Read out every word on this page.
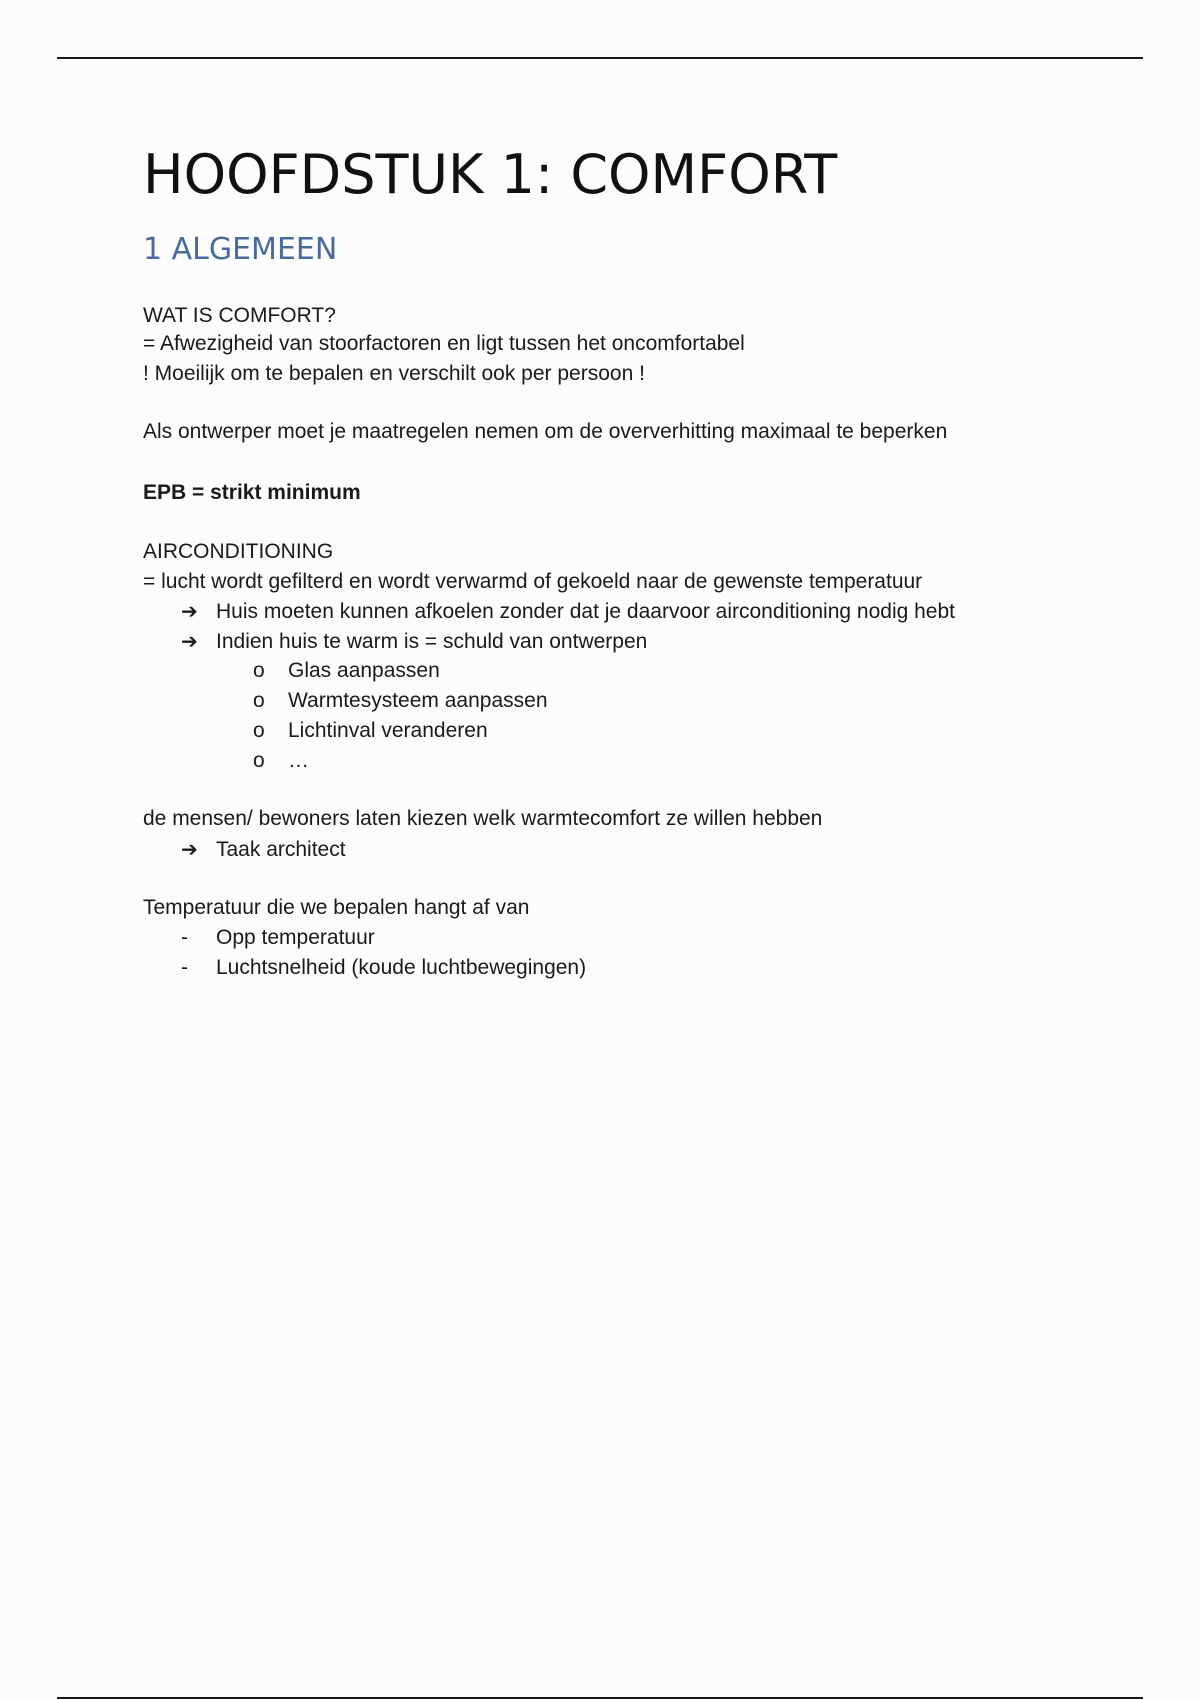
HOOFDSTUK 1: COMFORT
1 ALGEMEEN
WAT IS COMFORT?
= Afwezigheid van stoorfactoren en ligt tussen het oncomfortabel
! Moeilijk om te bepalen en verschilt ook per persoon !
Als ontwerper moet je maatregelen nemen om de oververhitting maximaal te beperken
EPB = strikt minimum
AIRCONDITIONING
= lucht wordt gefilterd en wordt verwarmd of gekoeld naar de gewenste temperatuur
➔ Huis moeten kunnen afkoelen zonder dat je daarvoor airconditioning nodig hebt
➔ Indien huis te warm is = schuld van ontwerpen
o Glas aanpassen
o Warmtesysteem aanpassen
o Lichtinval veranderen
o …
de mensen/ bewoners laten kiezen welk warmtecomfort ze willen hebben
➔ Taak architect
Temperatuur die we bepalen hangt af van
- Opp temperatuur
- Luchtsnelheid (koude luchtbewegingen)
